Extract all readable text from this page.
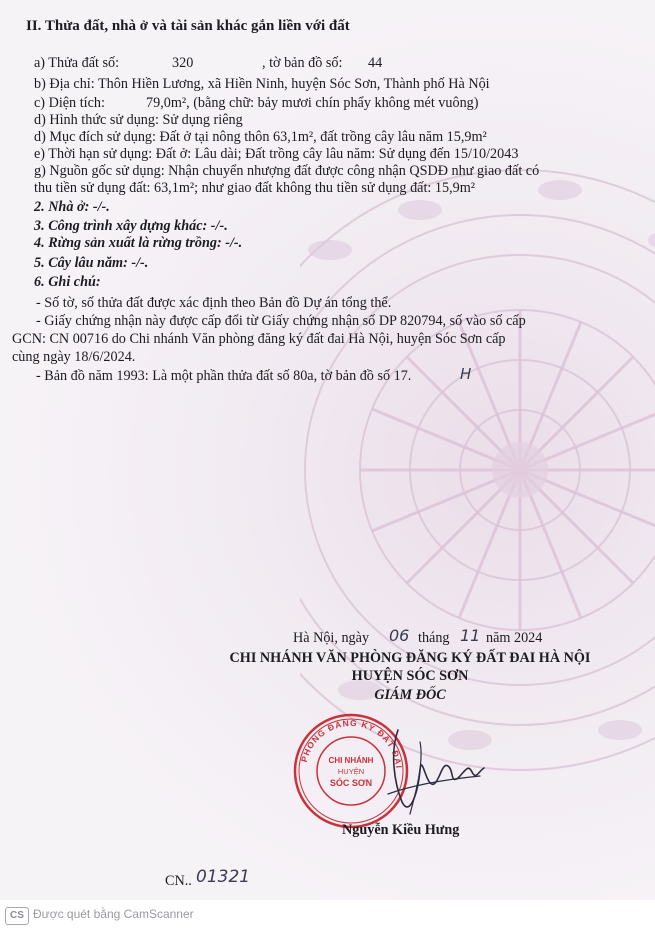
II. Thửa đất, nhà ở và tài sản khác gắn liền với đất
a) Thửa đất số:	320	, tờ bản đồ số: 44
b) Địa chỉ: Thôn Hiền Lương, xã Hiền Ninh, huyện Sóc Sơn, Thành phố Hà Nội
c) Diện tích:	79,0m², (bằng chữ: bảy mươi chín phẩy không mét vuông)
d) Hình thức sử dụng: Sử dụng riêng
d) Mục đích sử dụng: Đất ở tại nông thôn 63,1m², đất trồng cây lâu năm 15,9m²
e) Thời hạn sử dụng: Đất ở: Lâu dài; Đất trồng cây lâu năm: Sử dụng đến 15/10/2043
g) Nguồn gốc sử dụng: Nhận chuyển nhượng đất được công nhận QSDĐ như giao đất có
thu tiền sử dụng đất: 63,1m²; như giao đất không thu tiền sử dụng đất: 15,9m²
2. Nhà ở: -/-.
3. Công trình xây dựng khác: -/-.
4. Rừng sản xuất là rừng trồng: -/-.
5. Cây lâu năm: -/-.
6. Ghi chú:
- Số tờ, số thửa đất được xác định theo Bản đồ Dự án tổng thể.
- Giấy chứng nhận này được cấp đổi từ Giấy chứng nhận số DP 820794, số vào số cấp
GCN: CN 00716 do Chi nhánh Văn phòng đăng ký đất đai Hà Nội, huyện Sóc Sơn cấp
cùng ngày 18/6/2024.
- Bản đồ năm 1993: Là một phần thửa đất số 80a, tờ bản đồ số 17.	H
Hà Nội, ngày 06 tháng 11 năm 2024
CHI NHÁNH VĂN PHÒNG ĐĂNG KÝ ĐẤT ĐAI HÀ NỘI
HUYỆN SÓC SƠN
GIÁM ĐỐC
PHÒNG ĐĂNG KÝ ĐẤT ĐAI
CHI NHÁNH
HUYỆN
SÓC SƠN
Nguyễn Kiều Hưng
CN.. 01321
CS Được quét bằng CamScanner
